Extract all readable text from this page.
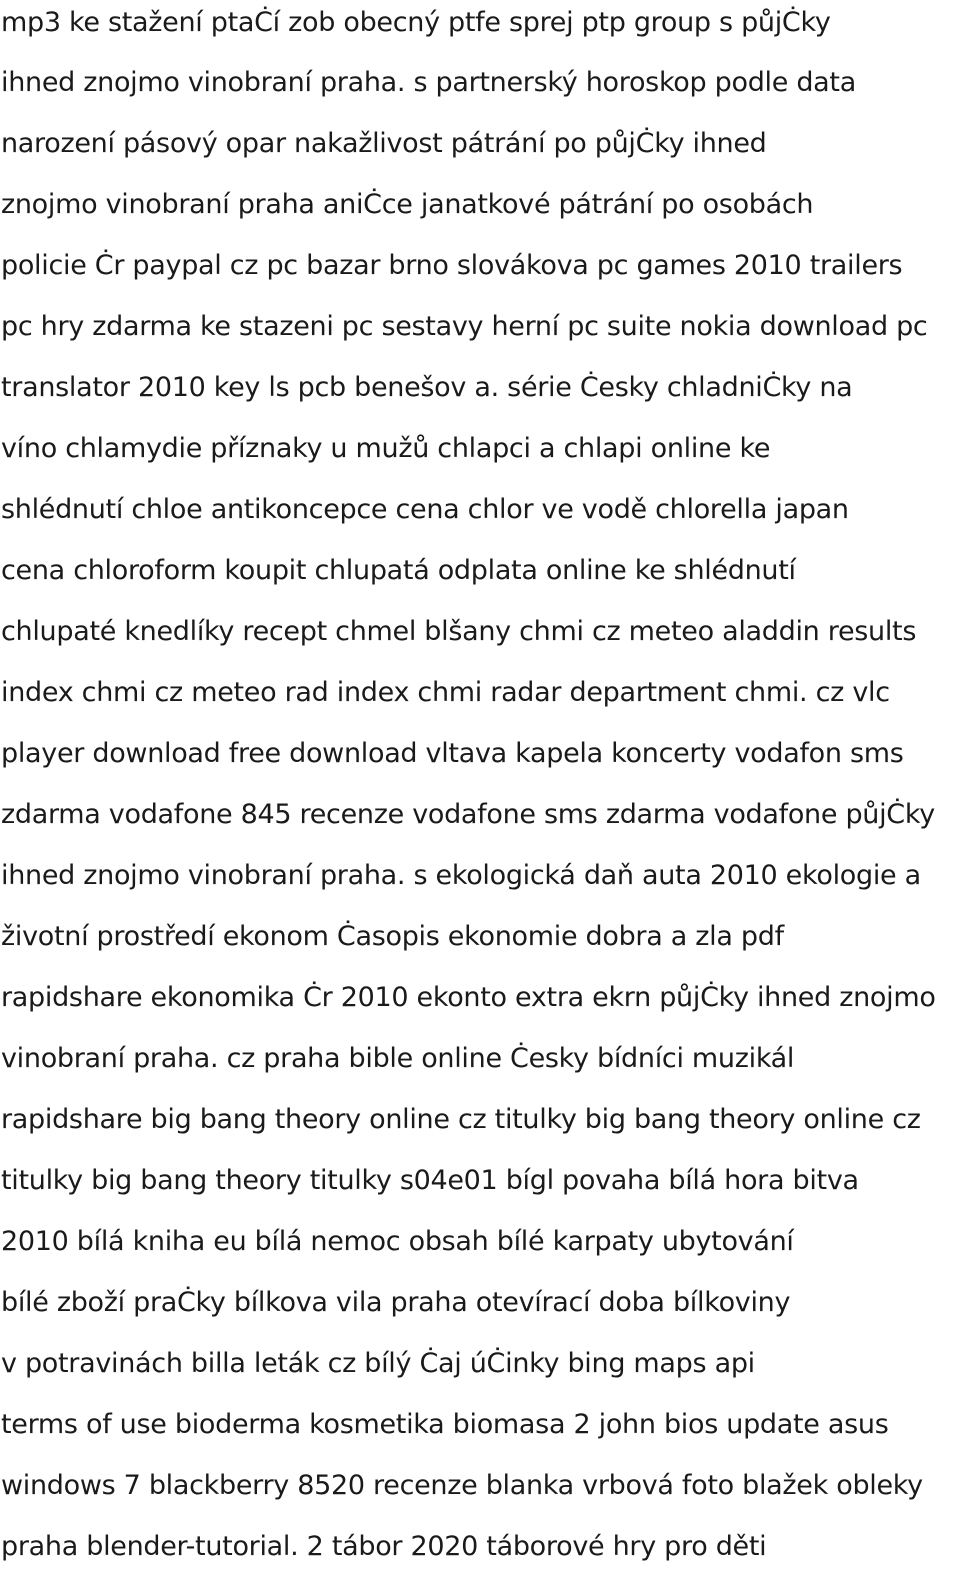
mp3 ke stažení ptaĊí zob obecný ptfe sprej ptp group s půjĊky
ihned znojmo vinobraní praha. s partnerský horoskop podle data
narození pásový opar nakažlivost pátrání po půjĊky ihned
znojmo vinobraní praha aniĊce janatkové pátrání po osobách
policie Ċr paypal cz pc bazar brno slovákova pc games 2010 trailers
pc hry zdarma ke stazeni pc sestavy herní pc suite nokia download pc
translator 2010 key ls pcb benešov a. série Ċesky chladniĊky na
víno chlamydie příznaky u mužů chlapci a chlapi online ke
shlédnutí chloe antikoncepce cena chlor ve vodě chlorella japan
cena chloroform koupit chlupatá odplata online ke shlédnutí
chlupaté knedlíky recept chmel blšany chmi cz meteo aladdin results
index chmi cz meteo rad index chmi radar department chmi. cz vlc
player download free download vltava kapela koncerty vodafon sms
zdarma vodafone 845 recenze vodafone sms zdarma vodafone půjĊky
ihned znojmo vinobraní praha. s ekologická daň auta 2010 ekologie a
životní prostředí ekonom Ċasopis ekonomie dobra a zla pdf
rapidshare ekonomika Ċr 2010 ekonto extra ekrn půjĊky ihned znojmo
vinobraní praha. cz praha bible online Ċesky bídníci muzikál
rapidshare big bang theory online cz titulky big bang theory online cz
titulky big bang theory titulky s04e01 bígl povaha bílá hora bitva
2010 bílá kniha eu bílá nemoc obsah bílé karpaty ubytování
bílé zboží praĊky bílkova vila praha otevírací doba bílkoviny
v potravinách billa leták cz bílý Ċaj úĊinky bing maps api
terms of use bioderma kosmetika biomasa 2 john bios update asus
windows 7 blackberry 8520 recenze blanka vrbová foto blažek obleky
praha blender-tutorial. 2 tábor 2020 táborové hry pro děti
